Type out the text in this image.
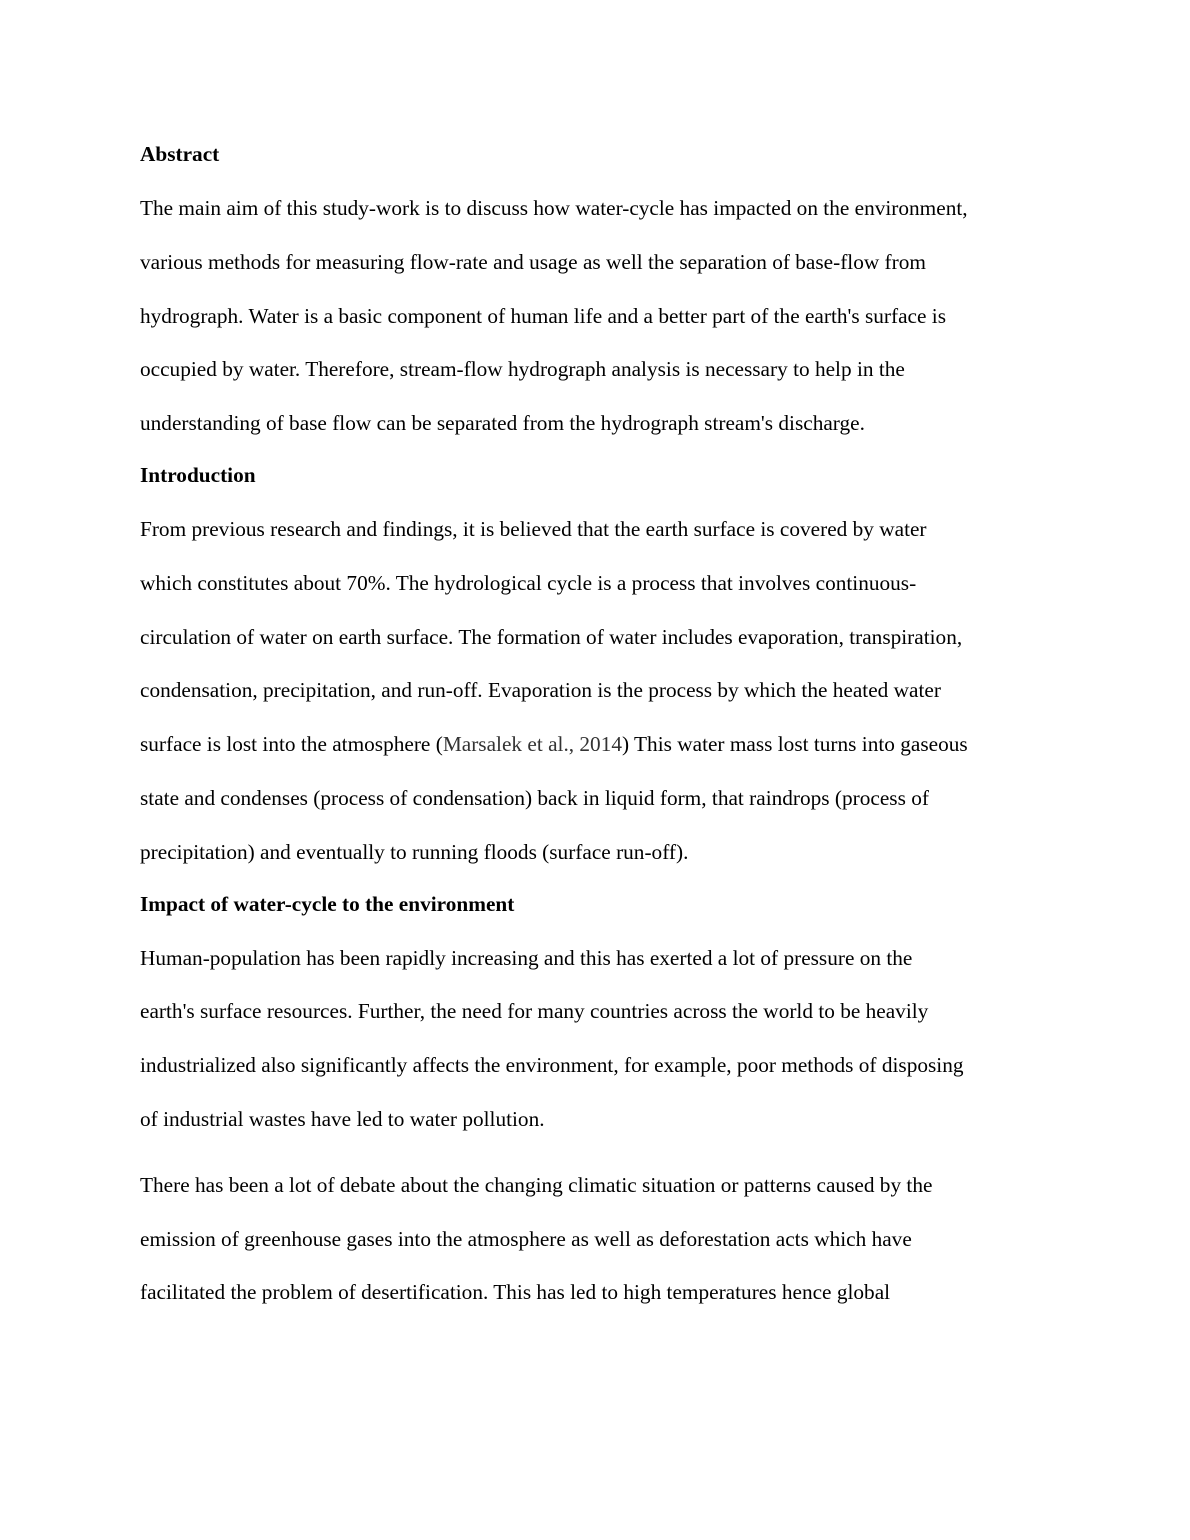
Abstract
The main aim of this study-work is to discuss how water-cycle has impacted on the environment,
various methods for measuring flow-rate and usage as well the separation of base-flow from
hydrograph. Water is a basic component of human life and a better part of the earth's surface is
occupied by water. Therefore, stream-flow hydrograph analysis is necessary to help in the
understanding of base flow can be separated from the hydrograph stream's discharge.
Introduction
From previous research and findings, it is believed that the earth surface is covered by water
which constitutes about 70%. The hydrological cycle is a process that involves continuous-
circulation of water on earth surface. The formation of water includes evaporation, transpiration,
condensation, precipitation, and run-off. Evaporation is the process by which the heated water
surface is lost into the atmosphere (Marsalek et al., 2014) This water mass lost turns into gaseous
state and condenses (process of condensation) back in liquid form, that raindrops (process of
precipitation) and eventually to running floods (surface run-off).
Impact of water-cycle to the environment
Human-population has been rapidly increasing and this has exerted a lot of pressure on the
earth's surface resources. Further, the need for many countries across the world to be heavily
industrialized also significantly affects the environment, for example, poor methods of disposing
of industrial wastes have led to water pollution.
There has been a lot of debate about the changing climatic situation or patterns caused by the
emission of greenhouse gases into the atmosphere as well as deforestation acts which have
facilitated the problem of desertification. This has led to high temperatures hence global
